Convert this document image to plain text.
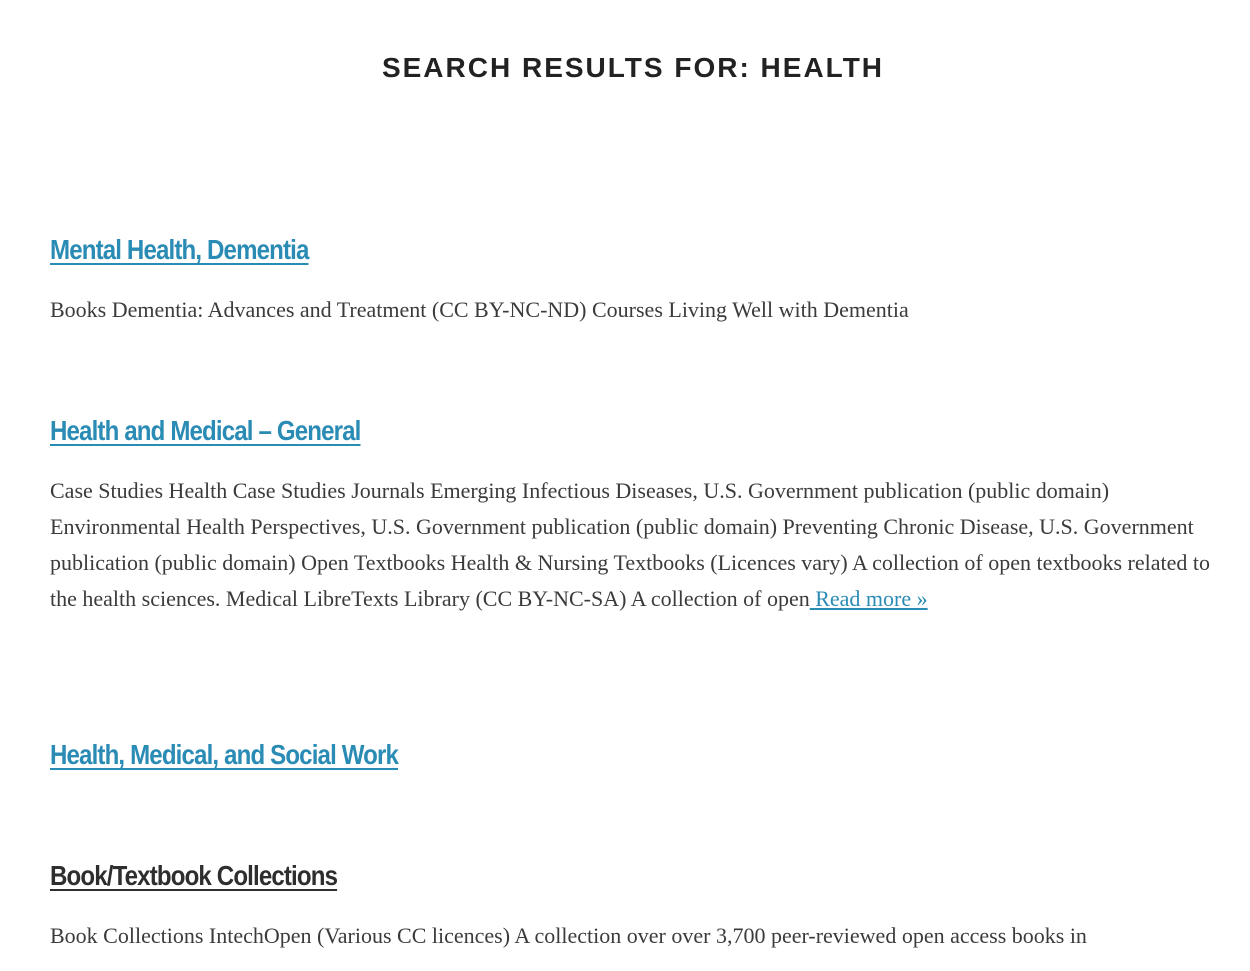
SEARCH RESULTS FOR: HEALTH
Mental Health, Dementia

Books Dementia: Advances and Treatment (CC BY-NC-ND) Courses Living Well with Dementia

Health and Medical – General

Case Studies Health Case Studies Journals Emerging Infectious Diseases, U.S. Government publication (public domain) Environmental Health Perspectives, U.S. Government publication (public domain) Preventing Chronic Disease, U.S. Government publication (public domain) Open Textbooks Health & Nursing Textbooks (Licences vary) A collection of open textbooks related to the health sciences. Medical LibreTexts Library (CC BY-NC-SA) A collection of open Read more »

Health, Medical, and Social Work
Book/Textbook Collections

Book Collections IntechOpen (Various CC licences) A collection over over 3,700 peer-reviewed open access books in
